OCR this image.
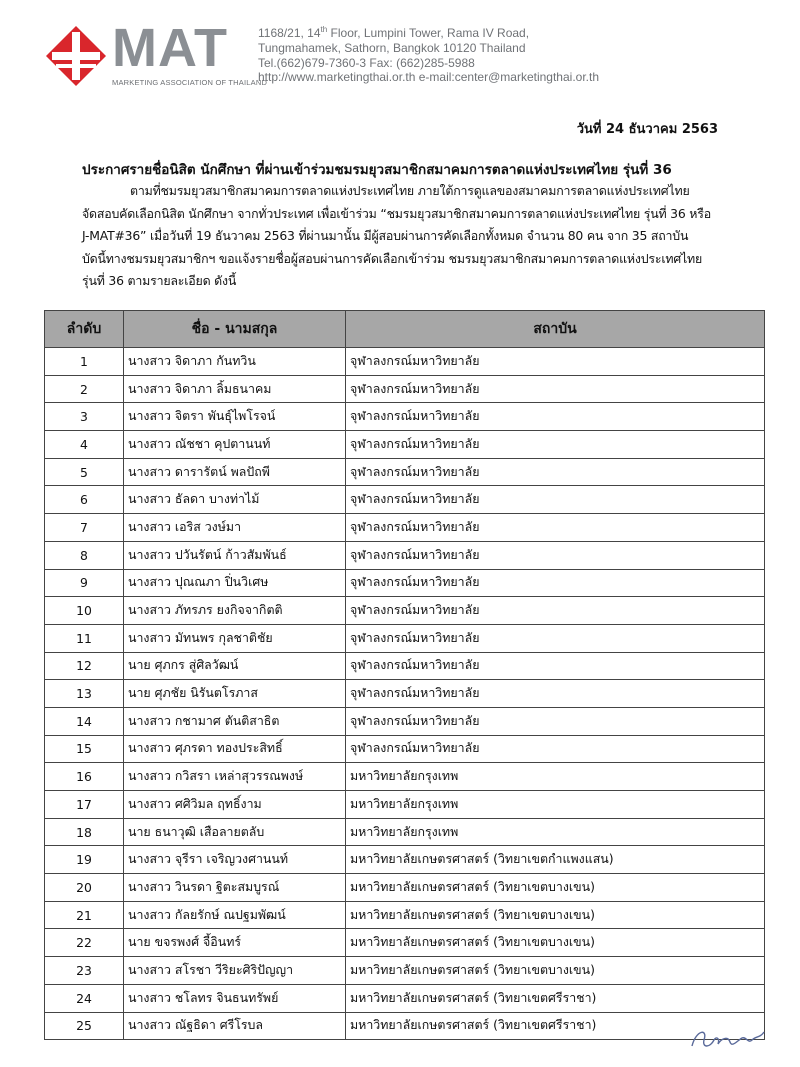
MAT
MARKETING ASSOCIATION OF THAILAND
1168/21, 14th Floor, Lumpini Tower, Rama IV Road,
Tungmahamek, Sathorn, Bangkok 10120 Thailand
Tel.(662)679-7360-3 Fax: (662)285-5988
http://www.marketingthai.or.th e-mail:center@marketingthai.or.th
วันที่ 24 ธันวาคม 2563
ประกาศรายชื่อนิสิต นักศึกษา ที่ผ่านเข้าร่วมชมรมยุวสมาชิกสมาคมการตลาดแห่งประเทศไทย รุ่นที่ 36
ตามที่ชมรมยุวสมาชิกสมาคมการตลาดแห่งประเทศไทย ภายใต้การดูแลของสมาคมการตลาดแห่งประเทศไทย
จัดสอบคัดเลือกนิสิต นักศึกษา จากทั่วประเทศ เพื่อเข้าร่วม “ชมรมยุวสมาชิกสมาคมการตลาดแห่งประเทศไทย รุ่นที่ 36 หรือ
J-MAT#36” เมื่อวันที่ 19 ธันวาคม 2563 ที่ผ่านมานั้น มีผู้สอบผ่านการคัดเลือกทั้งหมด จำนวน 80 คน จาก 35 สถาบัน
บัดนี้ทางชมรมยุวสมาชิกฯ ขอแจ้งรายชื่อผู้สอบผ่านการคัดเลือกเข้าร่วม ชมรมยุวสมาชิกสมาคมการตลาดแห่งประเทศไทย
รุ่นที่ 36 ตามรายละเอียด ดังนี้
ลำดับ	ชื่อ - นามสกุล	สถาบัน
1	นางสาว จิดาภา กันทวิน	จุฬาลงกรณ์มหาวิทยาลัย
2	นางสาว จิดาภา ลิ้มธนาคม	จุฬาลงกรณ์มหาวิทยาลัย
3	นางสาว จิตรา พันธุ์ไพโรจน์	จุฬาลงกรณ์มหาวิทยาลัย
4	นางสาว ณัชชา คุปตานนท์	จุฬาลงกรณ์มหาวิทยาลัย
5	นางสาว ดารารัตน์ พลปัถพี	จุฬาลงกรณ์มหาวิทยาลัย
6	นางสาว ธัลดา บางท่าไม้	จุฬาลงกรณ์มหาวิทยาลัย
7	นางสาว เอริส วงษ์มา	จุฬาลงกรณ์มหาวิทยาลัย
8	นางสาว ปวันรัตน์ ก้าวสัมพันธ์	จุฬาลงกรณ์มหาวิทยาลัย
9	นางสาว ปุณณภา ปิ่นวิเศษ	จุฬาลงกรณ์มหาวิทยาลัย
10	นางสาว ภัทรภร ยงกิจจากิตติ	จุฬาลงกรณ์มหาวิทยาลัย
11	นางสาว มัทนพร กุลชาติชัย	จุฬาลงกรณ์มหาวิทยาลัย
12	นาย ศุภกร สู่ศิลวัฒน์	จุฬาลงกรณ์มหาวิทยาลัย
13	นาย ศุภชัย นิรันตโรภาส	จุฬาลงกรณ์มหาวิทยาลัย
14	นางสาว กชามาศ ตันติสาธิต	จุฬาลงกรณ์มหาวิทยาลัย
15	นางสาว ศุภรดา ทองประสิทธิ์	จุฬาลงกรณ์มหาวิทยาลัย
16	นางสาว กวิสรา เหล่าสุวรรณพงษ์	มหาวิทยาลัยกรุงเทพ
17	นางสาว ศศิวิมล ฤทธิ์งาม	มหาวิทยาลัยกรุงเทพ
18	นาย ธนาวุฒิ เสือลายตลับ	มหาวิทยาลัยกรุงเทพ
19	นางสาว จุรีรา เจริญวงศานนท์	มหาวิทยาลัยเกษตรศาสตร์ (วิทยาเขตกำแพงแสน)
20	นางสาว วินรดา ฐิตะสมบูรณ์	มหาวิทยาลัยเกษตรศาสตร์ (วิทยาเขตบางเขน)
21	นางสาว กัลยรักษ์ ณปฐมพัฒน์	มหาวิทยาลัยเกษตรศาสตร์ (วิทยาเขตบางเขน)
22	นาย ขจรพงศ์ จี้อินทร์	มหาวิทยาลัยเกษตรศาสตร์ (วิทยาเขตบางเขน)
23	นางสาว สโรชา วีริยะศิริปัญญา	มหาวิทยาลัยเกษตรศาสตร์ (วิทยาเขตบางเขน)
24	นางสาว ชโลทร จินธนทรัพย์	มหาวิทยาลัยเกษตรศาสตร์ (วิทยาเขตศรีราชา)
25	นางสาว ณัฐธิดา ศรีโรบล	มหาวิทยาลัยเกษตรศาสตร์ (วิทยาเขตศรีราชา)
